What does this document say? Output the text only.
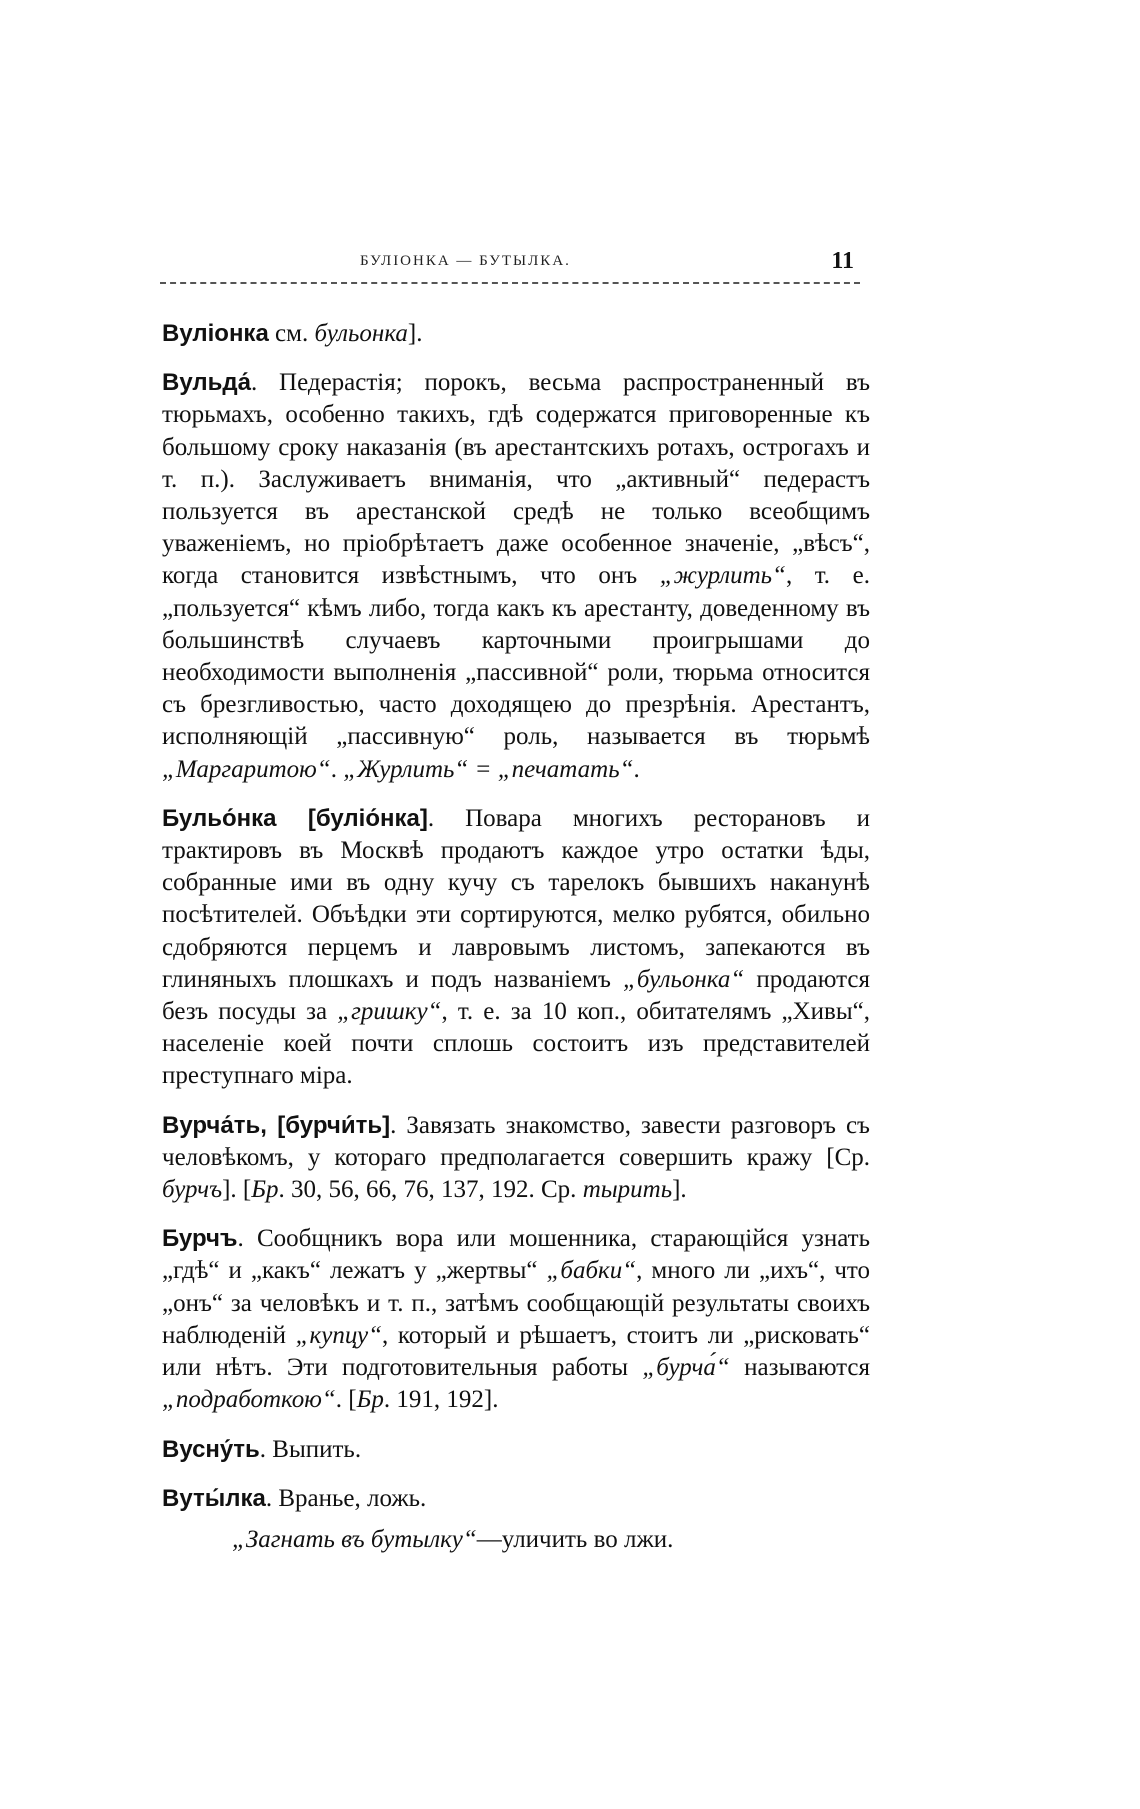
БУЛІОНКА — БУТЫЛКА.	11

Вуліонка см. бульонка].

Вульда́. Педерастія; порокъ, весьма распространенный въ тюрьмахъ, особенно такихъ, гдѣ содержатся приговоренные къ большому сроку наказанія (въ арестантскихъ ротахъ, острогахъ и т. п.). Заслуживаетъ вниманія, что „активный“ педерастъ пользуется въ арестанской средѣ не только всеобщимъ уваженіемъ, но пріобрѣтаетъ даже особенное значеніе, „вѣсъ“, когда становится извѣстнымъ, что онъ „журлить“, т. е. „пользуется“ кѣмъ либо, тогда какъ къ арестанту, доведенному въ большинствѣ случаевъ карточными проигрышами до необходимости выполненія „пассивной“ роли, тюрьма относится съ брезгливостью, часто доходящею до презрѣнія. Арестантъ, исполняющій „пассивную“ роль, называется въ тюрьмѣ „Маргаритою“. „Журлить“ = „печатать“.

Бульо́нка [буліо́нка]. Повара многихъ ресторановъ и трактировъ въ Москвѣ продаютъ каждое утро остатки ѣды, собранные ими въ одну кучу съ тарелокъ бывшихъ наканунѣ посѣтителей. Объѣдки эти сортируются, мелко рубятся, обильно сдобряются перцемъ и лавровымъ листомъ, запекаются въ глиняныхъ плошкахъ и подъ названіемъ „бульонка“ продаются безъ посуды за „гришку“, т. е. за 10 коп., обитателямъ „Хивы“, населеніе коей почти сплошь состоитъ изъ представителей преступнаго міра.

Вурча́ть, [бурчи́ть]. Завязать знакомство, завести разговоръ съ человѣкомъ, у котораго предполагается совершить кражу [Ср. бурчъ]. [Бр. 30, 56, 66, 76, 137, 192. Ср. тырить].

Бурчъ. Сообщникъ вора или мошенника, старающійся узнать „гдѣ“ и „какъ“ лежатъ у „жертвы“ „бабки“, много ли „ихъ“, что „онъ“ за человѣкъ и т. п., затѣмъ сообщающій результаты своихъ наблюденій „купцу“, который и рѣшаетъ, стоитъ ли „рисковать“ или нѣтъ. Эти подготовительныя работы „бурча́“ называются „подработкою“. [Бр. 191, 192].

Вусну́ть. Выпить.

Вуты́лка. Вранье, ложь.

„Загнать въ бутылку“—уличить во лжи.
